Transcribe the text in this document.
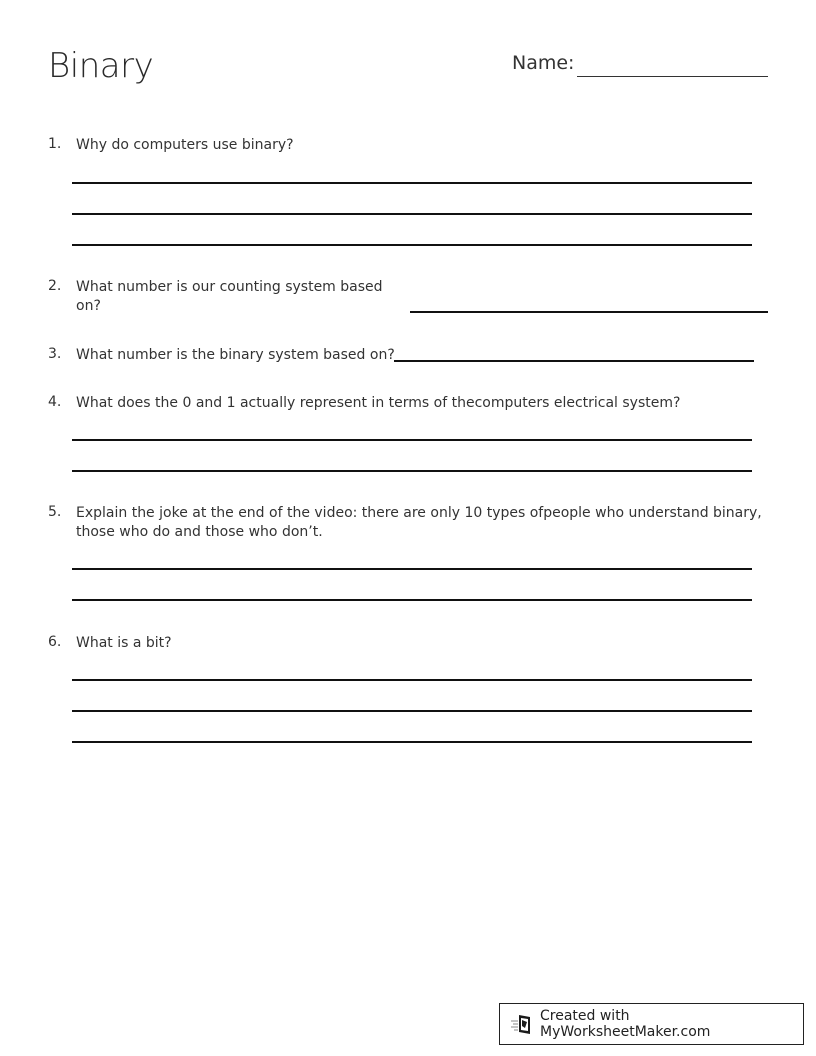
Binary	Name:
1. Why do computers use binary?
2. What number is our counting system based
on?
3. What number is the binary system based on?
4. What does the 0 and 1 actually represent in terms of thecomputers electrical system?
5. Explain the joke at the end of the video: there are only 10 types ofpeople who understand binary,
those who do and those who don’t.
6. What is a bit?
Created with MyWorksheetMaker.com
